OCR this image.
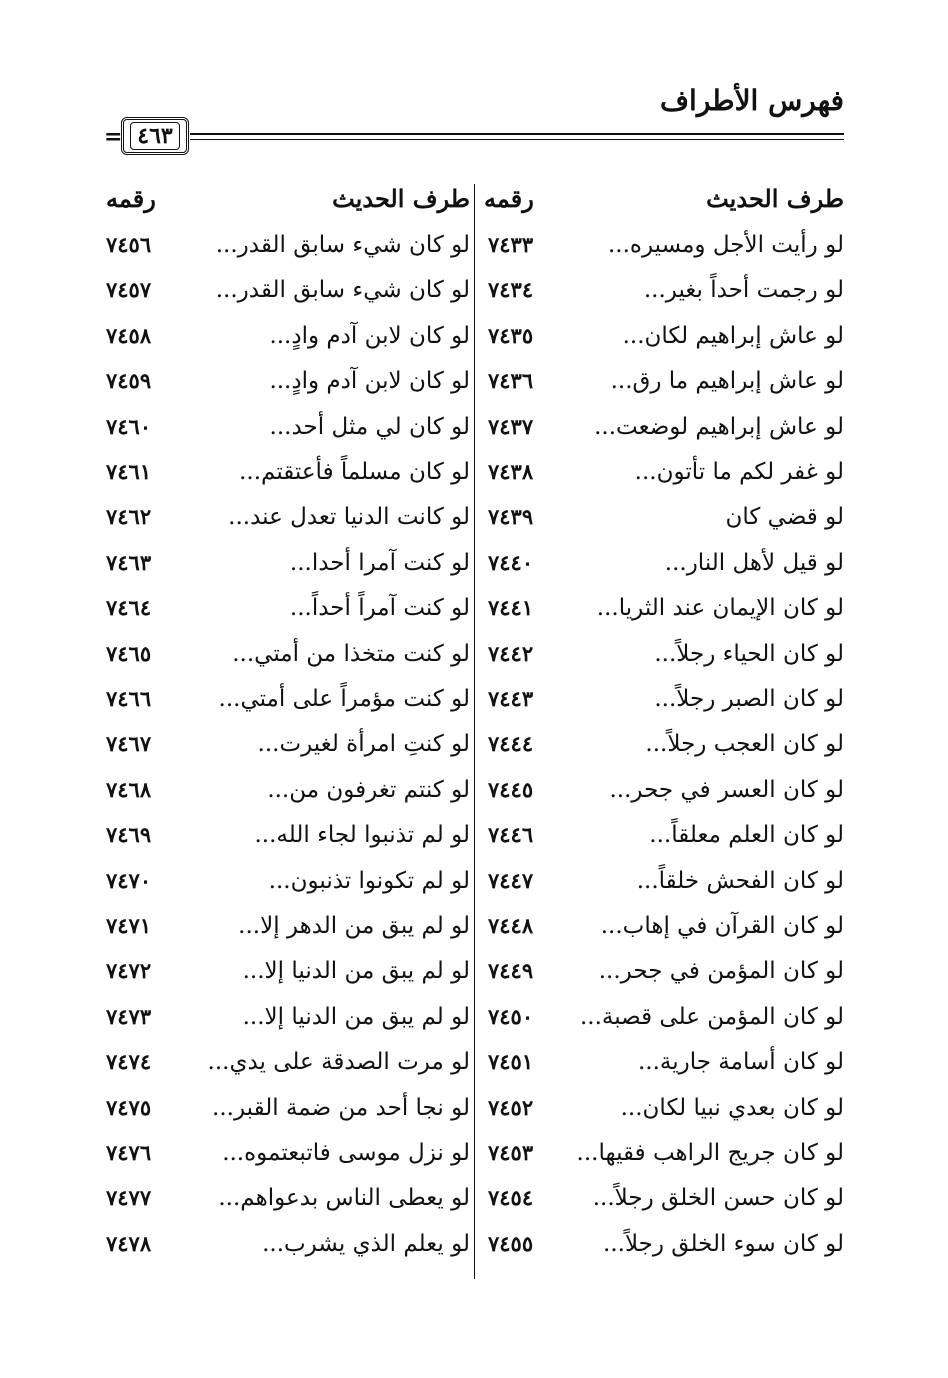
فهرس الأطراف
= ٤٦٣
طرف الحديث
رقمه
طرف الحديث
رقمه
لو رأيت الأجل ومسيره...
٧٤٣٣
لو كان شيء سابق القدر...
٧٤٥٦
لو رجمت أحداً بغير...
٧٤٣٤
لو كان شيء سابق القدر...
٧٤٥٧
لو عاش إبراهيم لكان...
٧٤٣٥
لو كان لابن آدم وادٍ...
٧٤٥٨
لو عاش إبراهيم ما رق...
٧٤٣٦
لو كان لابن آدم وادٍ...
٧٤٥٩
لو عاش إبراهيم لوضعت...
٧٤٣٧
لو كان لي مثل أحد...
٧٤٦٠
لو غفر لكم ما تأتون...
٧٤٣٨
لو كان مسلماً فأعتقتم...
٧٤٦١
لو قضي كان
٧٤٣٩
لو كانت الدنيا تعدل عند...
٧٤٦٢
لو قيل لأهل النار...
٧٤٤٠
لو كنت آمرا أحدا...
٧٤٦٣
لو كان الإيمان عند الثريا...
٧٤٤١
لو كنت آمراً أحداً...
٧٤٦٤
لو كان الحياء رجلاً...
٧٤٤٢
لو كنت متخذا من أمتي...
٧٤٦٥
لو كان الصبر رجلاً...
٧٤٤٣
لو كنت مؤمراً على أمتي...
٧٤٦٦
لو كان العجب رجلاً...
٧٤٤٤
لو كنتِ امرأة لغيرت...
٧٤٦٧
لو كان العسر في جحر...
٧٤٤٥
لو كنتم تغرفون من...
٧٤٦٨
لو كان العلم معلقاً...
٧٤٤٦
لو لم تذنبوا لجاء الله...
٧٤٦٩
لو كان الفحش خلقاً...
٧٤٤٧
لو لم تكونوا تذنبون...
٧٤٧٠
لو كان القرآن في إهاب...
٧٤٤٨
لو لم يبق من الدهر إلا...
٧٤٧١
لو كان المؤمن في جحر...
٧٤٤٩
لو لم يبق من الدنيا إلا...
٧٤٧٢
لو كان المؤمن على قصبة...
٧٤٥٠
لو لم يبق من الدنيا إلا...
٧٤٧٣
لو كان أسامة جارية...
٧٤٥١
لو مرت الصدقة على يدي...
٧٤٧٤
لو كان بعدي نبيا لكان...
٧٤٥٢
لو نجا أحد من ضمة القبر...
٧٤٧٥
لو كان جريج الراهب فقيها...
٧٤٥٣
لو نزل موسى فاتبعتموه...
٧٤٧٦
لو كان حسن الخلق رجلاً...
٧٤٥٤
لو يعطى الناس بدعواهم...
٧٤٧٧
لو كان سوء الخلق رجلاً...
٧٤٥٥
لو يعلم الذي يشرب...
٧٤٧٨
